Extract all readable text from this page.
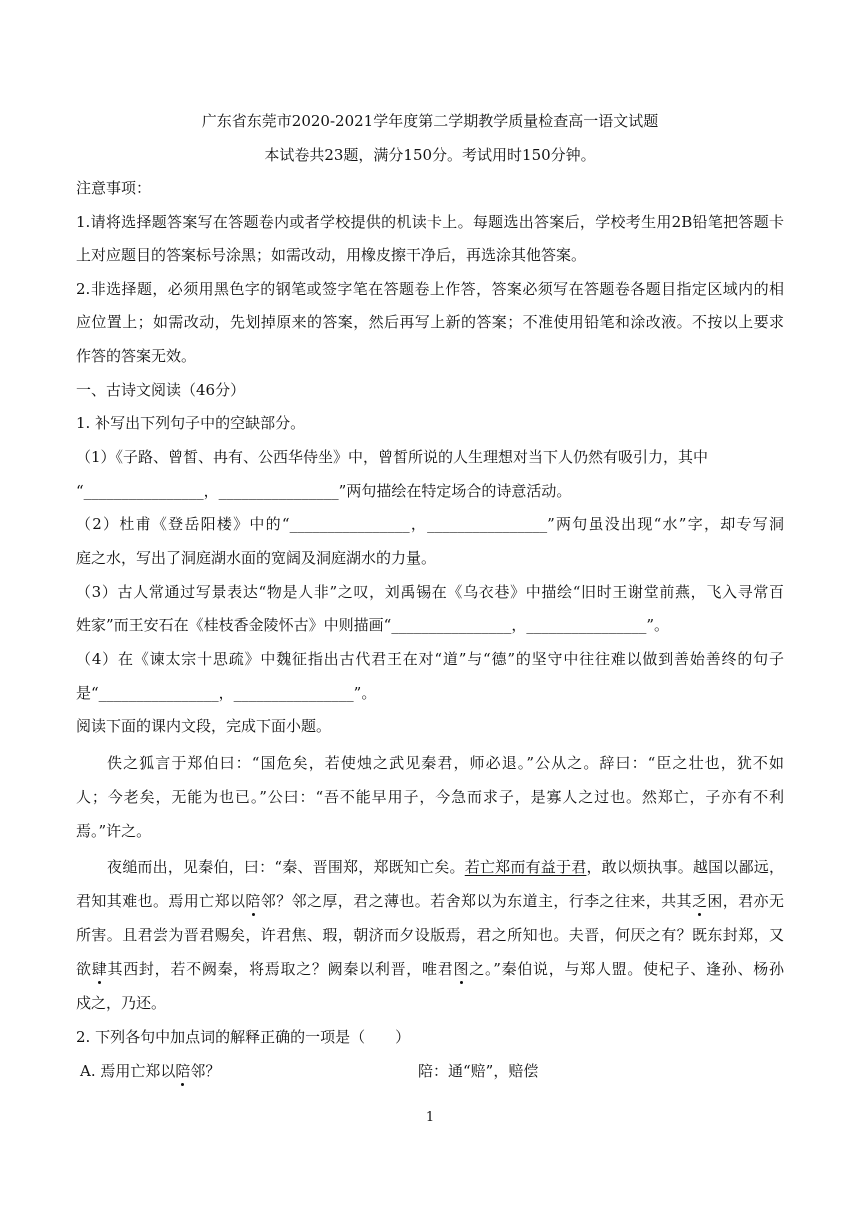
广东省东莞市2020-2021学年度第二学期教学质量检查高一语文试题
本试卷共23题，满分150分。考试用时150分钟。
注意事项：
1.请将选择题答案写在答题卷内或者学校提供的机读卡上。每题选出答案后，学校考生用2B铅笔把答题卡
上对应题目的答案标号涂黑；如需改动，用橡皮擦干净后，再选涂其他答案。
2.非选择题，必须用黑色字的钢笔或签字笔在答题卷上作答，答案必须写在答题卷各题目指定区域内的相
应位置上；如需改动，先划掉原来的答案，然后再写上新的答案；不准使用铅笔和涂改液。不按以上要求
作答的答案无效。
一、古诗文阅读（46分）
1. 补写出下列句子中的空缺部分。
（1）《子路、曾皙、冉有、公西华侍坐》中，曾皙所说的人生理想对当下人仍然有吸引力，其中
“________________，________________”两句描绘在特定场合的诗意活动。
（2）杜甫《登岳阳楼》中的“________________，________________”两句虽没出现“水”字，却专写洞
庭之水，写出了洞庭湖水面的宽阔及洞庭湖水的力量。
（3）古人常通过写景表达“物是人非”之叹，刘禹锡在《乌衣巷》中描绘“旧时王谢堂前燕，飞入寻常百
姓家”而王安石在《桂枝香金陵怀古》中则描画“________________，________________”。
（4）在《谏太宗十思疏》中魏征指出古代君王在对“道”与“德”的坚守中往往难以做到善始善终的句子
是“________________，________________”。
阅读下面的课内文段，完成下面小题。
佚之狐言于郑伯曰：“国危矣，若使烛之武见秦君，师必退。”公从之。辞曰：“臣之壮也，犹不如
人；今老矣，无能为也已。”公曰：“吾不能早用子，今急而求子，是寡人之过也。然郑亡，子亦有不利
焉。”许之。
夜缒而出，见秦伯，曰：“秦、晋围郑，郑既知亡矣。若亡郑而有益于君，敢以烦执事。越国以鄙远，
君知其难也。焉用亡郑以陪邻？邻之厚，君之薄也。若舍郑以为东道主，行李之往来，共其乏困，君亦无
所害。且君尝为晋君赐矣，许君焦、瑕，朝济而夕设版焉，君之所知也。夫晋，何厌之有？既东封郑，又
欲肆其西封，若不阙秦，将焉取之？阙秦以利晋，唯君图之。”秦伯说，与郑人盟。使杞子、逢孙、杨孙
戍之，乃还。
2. 下列各句中加点词的解释正确的一项是（　　）
A. 焉用亡郑以陪邻？	陪：通“赔”，赔偿
1
